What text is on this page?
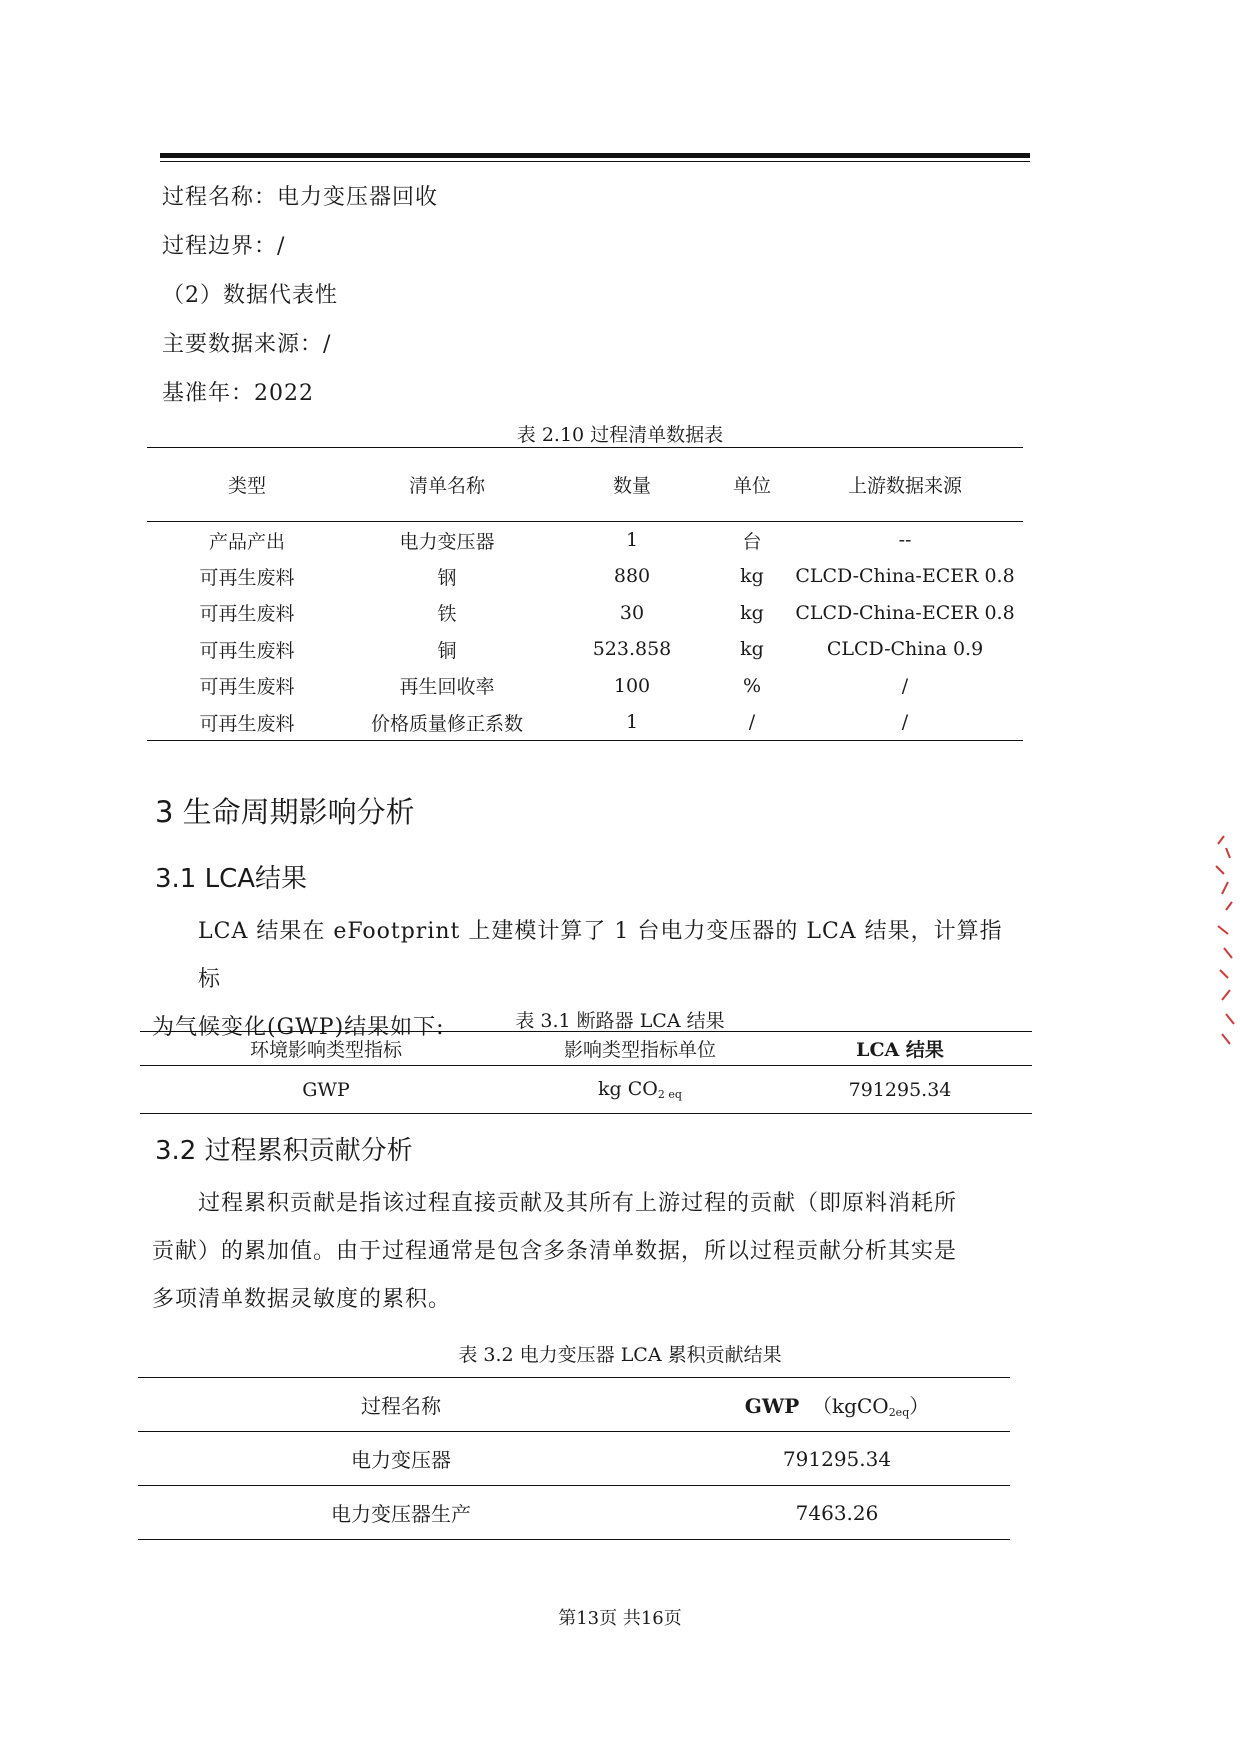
过程名称：电力变压器回收
过程边界：/
（2）数据代表性
主要数据来源：/
基准年：2022
表 2.10 过程清单数据表
类型	清单名称	数量	单位	上游数据来源
产品产出	电力变压器	1	台	--
可再生废料	钢	880	kg	CLCD-China-ECER 0.8
可再生废料	铁	30	kg	CLCD-China-ECER 0.8
可再生废料	铜	523.858	kg	CLCD-China 0.9
可再生废料	再生回收率	100	%	/
可再生废料	价格质量修正系数	1	/	/
3 生命周期影响分析
3.1 LCA结果
LCA 结果在 eFootprint 上建模计算了 1 台电力变压器的 LCA 结果，计算指标
为气候变化(GWP)结果如下:	表 3.1 断路器 LCA 结果
环境影响类型指标	影响类型指标单位	LCA 结果
GWP	kg $CO_{2 eq}$	791295.34
3.2 过程累积贡献分析
过程累积贡献是指该过程直接贡献及其所有上游过程的贡献（即原料消耗所
贡献）的累加值。由于过程通常是包含多条清单数据，所以过程贡献分析其实是
多项清单数据灵敏度的累积。
表 3.2 电力变压器 LCA 累积贡献结果
过程名称	GWP （kgCO$_{2eq}$）
电力变压器	791295.34
电力变压器生产	7463.26
第13页 共16页
